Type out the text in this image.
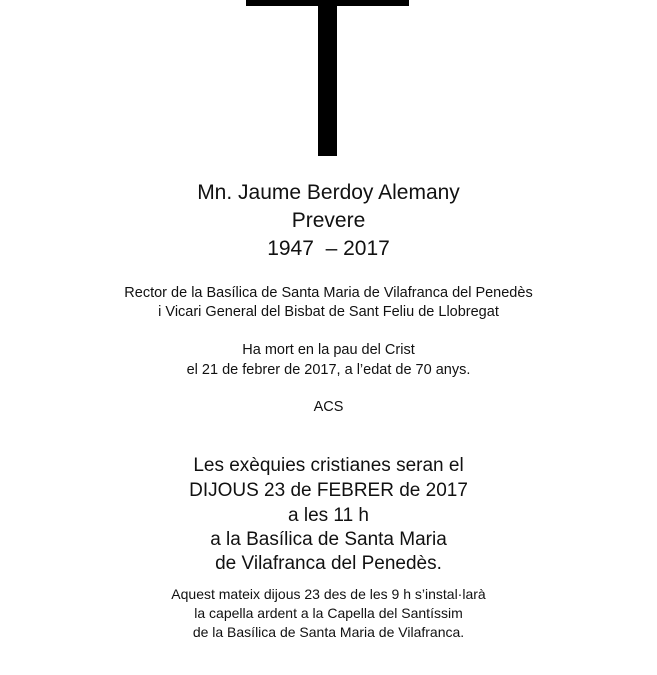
Mn. Jaume Berdoy Alemany
Prevere
1947  – 2017
Rector de la Basílica de Santa Maria de Vilafranca del Penedès
i Vicari General del Bisbat de Sant Feliu de Llobregat
Ha mort en la pau del Crist
el 21 de febrer de 2017, a l’edat de 70 anys.
ACS
Les exèquies cristianes seran el
DIJOUS 23 de FEBRER de 2017
a les 11 h
a la Basílica de Santa Maria
de Vilafranca del Penedès.
Aquest mateix dijous 23 des de les 9 h s’instal·larà
la capella ardent a la Capella del Santíssim
de la Basílica de Santa Maria de Vilafranca.
